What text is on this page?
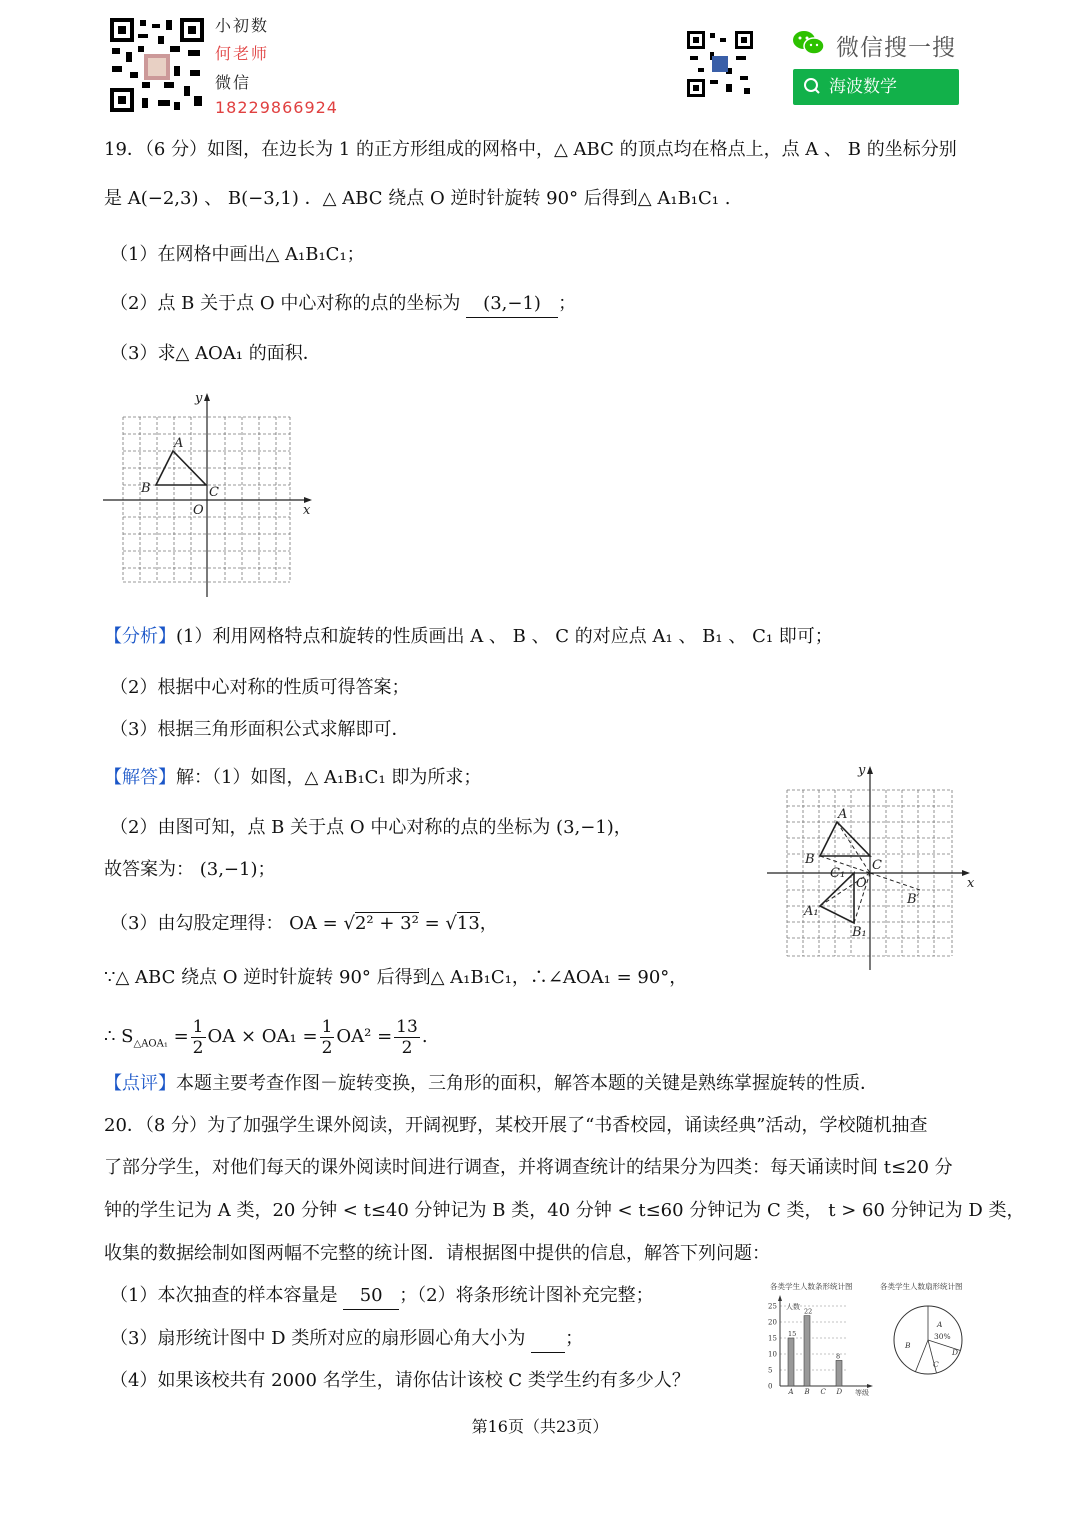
小初数
何老师
微信
18229866924
微信搜一搜
海波数学
19．（6 分）如图，在边长为 1 的正方形组成的网格中，△ ABC 的顶点均在格点上，点 A 、 B 的坐标分别
是 A(−2,3) 、 B(−3,1) ．△ ABC 绕点 O 逆时针旋转 90° 后得到△ A₁B₁C₁ .
（1）在网格中画出△ A₁B₁C₁；
（2）点 B 关于点 O 中心对称的点的坐标为 (3,−1) ；
（3）求△ AOA₁ 的面积．
y
x
A
B	C
O
【分析】(1）利用网格特点和旋转的性质画出 A 、 B 、 C 的对应点 A₁ 、 B₁ 、 C₁ 即可；
（2）根据中心对称的性质可得答案；
（3）根据三角形面积公式求解即可．
【解答】解：（1）如图，△ A₁B₁C₁ 即为所求；
（2）由图可知，点 B 关于点 O 中心对称的点的坐标为 (3,−1)，
故答案为： (3,−1)；
（3）由勾股定理得： OA = √2² + 3² = √13，
∵△ ABC 绕点 O 逆时针旋转 90° 后得到△ A₁B₁C₁，∴∠AOA₁ = 90°，
∴ $S_{\triangle AOA_1} = \frac{1}{2}$ OA × $OA_1 = \frac{1}{2} OA^2 = \frac{13}{2}$ .
y
x
A
B	C
C₁
O
A₁
B₁
B′
【点评】本题主要考查作图－旋转变换，三角形的面积，解答本题的关键是熟练掌握旋转的性质．
20．（8 分）为了加强学生课外阅读，开阔视野，某校开展了“书香校园，诵读经典”活动，学校随机抽查
了部分学生，对他们每天的课外阅读时间进行调查，并将调查统计的结果分为四类：每天诵读时间 t≤20 分
钟的学生记为 A 类，20 分钟 < t≤40 分钟记为 B 类，40 分钟 < t≤60 分钟记为 C 类， t > 60 分钟记为 D 类，
收集的数据绘制如图两幅不完整的统计图．请根据图中提供的信息，解答下列问题：
（1）本次抽查的样本容量是 50 ；（2）将条形统计图补充完整；
（3）扇形统计图中 D 类所对应的扇形圆心角大小为 ；
（4）如果该校共有 2000 名学生，请你估计该校 C 类学生约有多少人？
各类学生人数条形统计图
人数
等级
0
5
10
15
20
25
15
A
22
B C
8
D
各类学生人数扇形统计图
A
30%
B
C
D
第16页（共23页）
